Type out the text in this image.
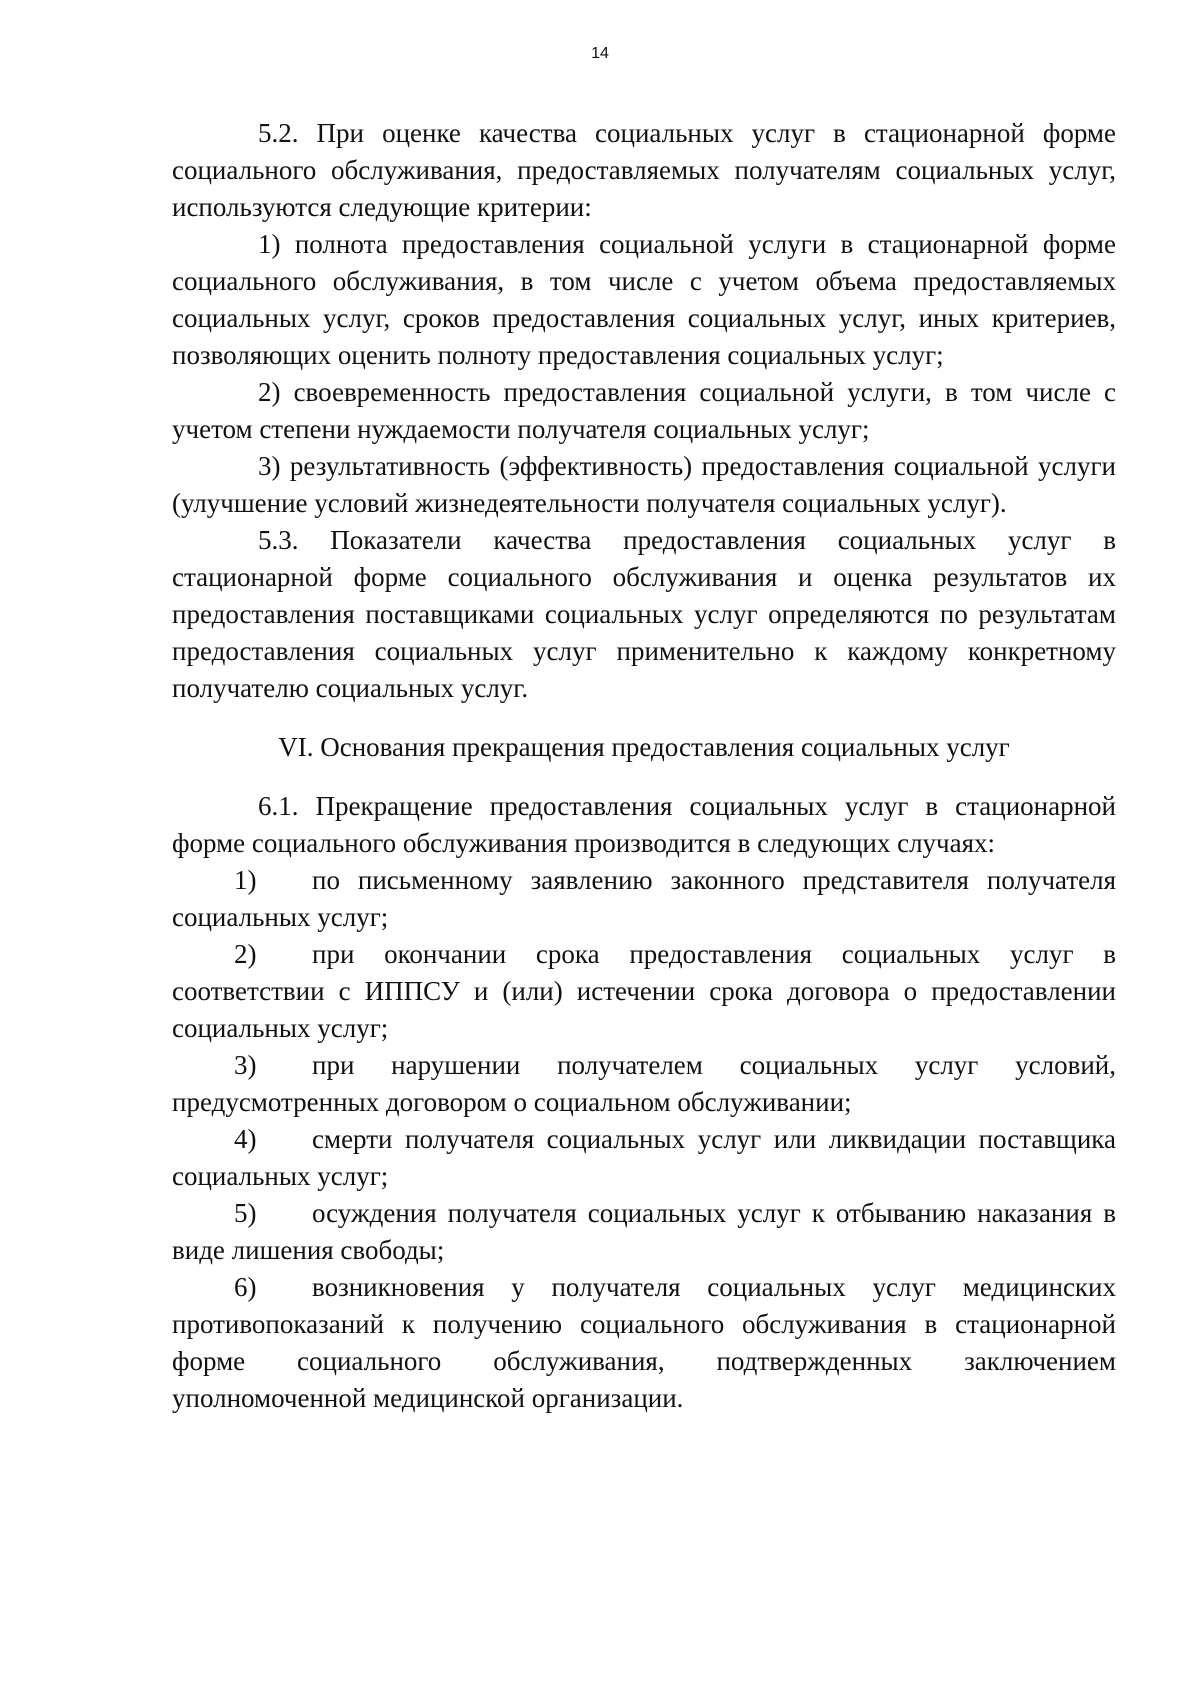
14

5.2. При оценке качества социальных услуг в стационарной форме социального обслуживания, предоставляемых получателям социальных услуг, используются следующие критерии:

1) полнота предоставления социальной услуги в стационарной форме социального обслуживания, в том числе с учетом объема предоставляемых социальных услуг, сроков предоставления социальных услуг, иных критериев, позволяющих оценить полноту предоставления социальных услуг;

2) своевременность предоставления социальной услуги, в том числе с учетом степени нуждаемости получателя социальных услуг;

3) результативность (эффективность) предоставления социальной услуги (улучшение условий жизнедеятельности получателя социальных услуг).

5.3. Показатели качества предоставления социальных услуг в стационарной форме социального обслуживания и оценка результатов их предоставления поставщиками социальных услуг определяются по результатам предоставления социальных услуг применительно к каждому конкретному получателю социальных услуг.

VI. Основания прекращения предоставления социальных услуг

6.1. Прекращение предоставления социальных услуг в стационарной форме социального обслуживания производится в следующих случаях:

1) по письменному заявлению законного представителя получателя социальных услуг;

2) при окончании срока предоставления социальных услуг в соответствии с ИППСУ и (или) истечении срока договора о предоставлении социальных услуг;

3) при нарушении получателем социальных услуг условий, предусмотренных договором о социальном обслуживании;

4) смерти получателя социальных услуг или ликвидации поставщика социальных услуг;

5) осуждения получателя социальных услуг к отбыванию наказания в виде лишения свободы;

6) возникновения у получателя социальных услуг медицинских противопоказаний к получению социального обслуживания в стационарной форме социального обслуживания, подтвержденных заключением уполномоченной медицинской организации.
